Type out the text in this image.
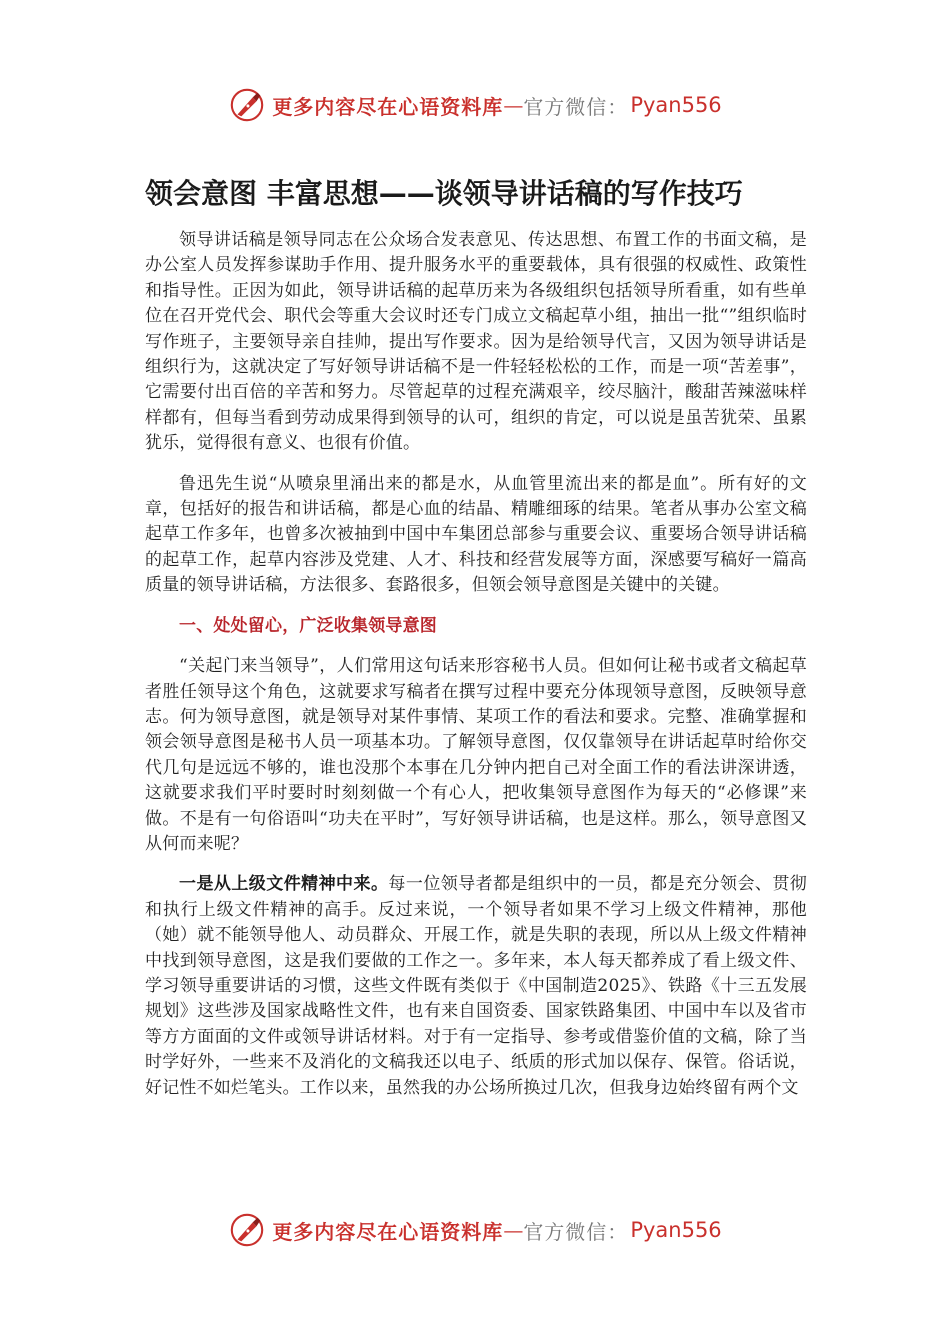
更多内容尽在心语资料库 — 官方微信： Pyan556
领会意图 丰富思想——谈领导讲话稿的写作技巧

领导讲话稿是领导同志在公众场合发表意见、传达思想、布置工作的书面文稿，是办公室人员发挥参谋助手作用、提升服务水平的重要载体，具有很强的权威性、政策性和指导性。正因为如此，领导讲话稿的起草历来为各级组织包括领导所看重，如有些单位在召开党代会、职代会等重大会议时还专门成立文稿起草小组，抽出一批“”组织临时写作班子，主要领导亲自挂帅，提出写作要求。因为是给领导代言，又因为领导讲话是组织行为，这就决定了写好领导讲话稿不是一件轻轻松松的工作，而是一项“苦差事”，它需要付出百倍的辛苦和努力。尽管起草的过程充满艰辛，绞尽脑汁，酸甜苦辣滋味样样都有，但每当看到劳动成果得到领导的认可，组织的肯定，可以说是虽苦犹荣、虽累犹乐，觉得很有意义、也很有价值。

鲁迅先生说“从喷泉里涌出来的都是水，从血管里流出来的都是血”。所有好的文章，包括好的报告和讲话稿，都是心血的结晶、精雕细琢的结果。笔者从事办公室文稿起草工作多年，也曾多次被抽到中国中车集团总部参与重要会议、重要场合领导讲话稿的起草工作，起草内容涉及党建、人才、科技和经营发展等方面，深感要写稿好一篇高质量的领导讲话稿，方法很多、套路很多，但领会领导意图是关键中的关键。

一、处处留心，广泛收集领导意图

“关起门来当领导”，人们常用这句话来形容秘书人员。但如何让秘书或者文稿起草者胜任领导这个角色，这就要求写稿者在撰写过程中要充分体现领导意图，反映领导意志。何为领导意图，就是领导对某件事情、某项工作的看法和要求。完整、准确掌握和领会领导意图是秘书人员一项基本功。了解领导意图，仅仅靠领导在讲话起草时给你交代几句是远远不够的，谁也没那个本事在几分钟内把自己对全面工作的看法讲深讲透，这就要求我们平时要时时刻刻做一个有心人，把收集领导意图作为每天的“必修课”来做。不是有一句俗语叫“功夫在平时”，写好领导讲话稿，也是这样。那么，领导意图又从何而来呢？

一是从上级文件精神中来。每一位领导者都是组织中的一员，都是充分领会、贯彻和执行上级文件精神的高手。反过来说，一个领导者如果不学习上级文件精神，那他（她）就不能领导他人、动员群众、开展工作，就是失职的表现，所以从上级文件精神中找到领导意图，这是我们要做的工作之一。多年来，本人每天都养成了看上级文件、学习领导重要讲话的习惯，这些文件既有类似于《中国制造2025》、铁路《十三五发展规划》这些涉及国家战略性文件，也有来自国资委、国家铁路集团、中国中车以及省市等方方面面的文件或领导讲话材料。对于有一定指导、参考或借鉴价值的文稿，除了当时学好外，一些来不及消化的文稿我还以电子、纸质的形式加以保存、保管。俗话说，好记性不如烂笔头。工作以来，虽然我的办公场所换过几次，但我身边始终留有两个文

更多内容尽在心语资料库 — 官方微信： Pyan556
